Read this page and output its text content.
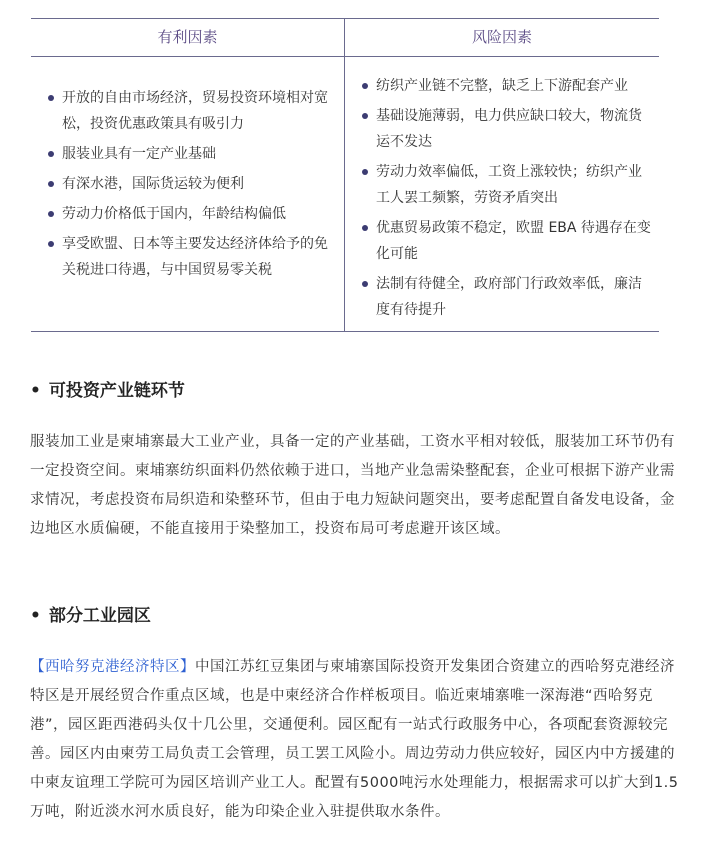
有利因素	风险因素
开放的自由市场经济，贸易投资环境相对宽松，投资优惠政策具有吸引力
服装业具有一定产业基础
有深水港，国际货运较为便利
劳动力价格低于国内，年龄结构偏低
享受欧盟、日本等主要发达经济体给予的免关税进口待遇，与中国贸易零关税
纺织产业链不完整，缺乏上下游配套产业
基础设施薄弱，电力供应缺口较大，物流货运不发达
劳动力效率偏低，工资上涨较快；纺织产业工人罢工频繁，劳资矛盾突出
优惠贸易政策不稳定，欧盟 EBA 待遇存在变化可能
法制有待健全，政府部门行政效率低，廉洁度有待提升
• 可投资产业链环节

服装加工业是柬埔寨最大工业产业，具备一定的产业基础，工资水平相对较低，服装加工环节仍有一定投资空间。柬埔寨纺织面料仍然依赖于进口，当地产业急需染整配套，企业可根据下游产业需求情况，考虑投资布局织造和染整环节，但由于电力短缺问题突出，要考虑配置自备发电设备，金边地区水质偏硬，不能直接用于染整加工，投资布局可考虑避开该区域。

• 部分工业园区

【西哈努克港经济特区】中国江苏红豆集团与柬埔寨国际投资开发集团合资建立的西哈努克港经济特区是开展经贸合作重点区域，也是中柬经济合作样板项目。临近柬埔寨唯一深海港“西哈努克港”，园区距西港码头仅十几公里，交通便利。园区配有一站式行政服务中心，各项配套资源较完善。园区内由柬劳工局负责工会管理，员工罢工风险小。周边劳动力供应较好，园区内中方援建的中柬友谊理工学院可为园区培训产业工人。配置有5000吨污水处理能力，根据需求可以扩大到1.5万吨，附近淡水河水质良好，能为印染企业入驻提供取水条件。
